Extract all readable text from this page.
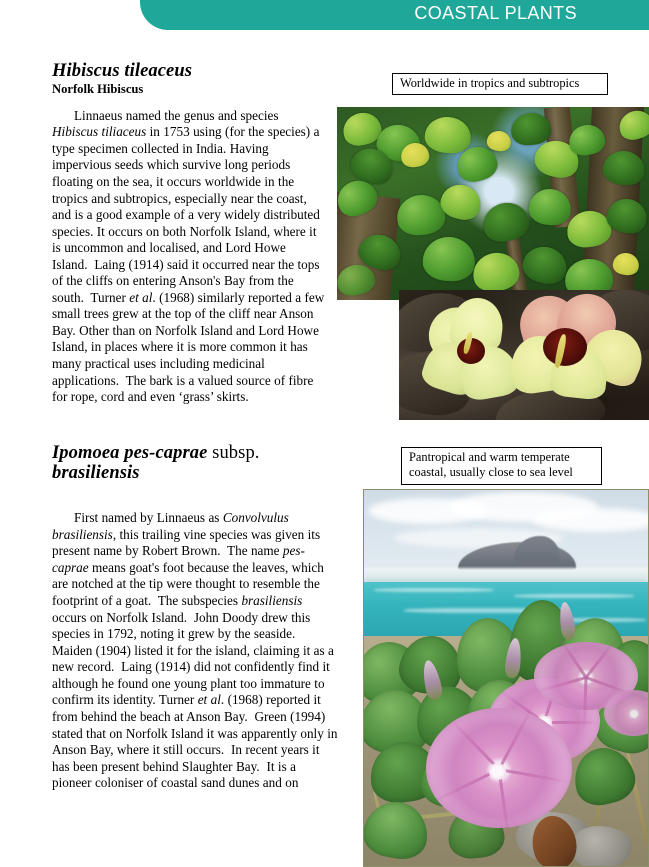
COASTAL PLANTS
Hibiscus tileaceus
Norfolk Hibiscus

Linnaeus named the genus and species Hibiscus tiliaceus in 1753 using (for the species) a type specimen collected in India. Having impervious seeds which survive long periods floating on the sea, it occurs worldwide in the tropics and subtropics, especially near the coast, and is a good example of a very widely distributed species. It occurs on both Norfolk Island, where it is uncommon and localised, and Lord Howe Island.  Laing (1914) said it occurred near the tops of the cliffs on entering Anson's Bay from the south.  Turner et al. (1968) similarly reported a few small trees grew at the top of the cliff near Anson Bay. Other than on Norfolk Island and Lord Howe Island, in places where it is more common it has many practical uses including medicinal applications.  The bark is a valued source of fibre for rope, cord and even ‘grass’ skirts.

Worldwide in tropics and subtropics
Ipomoea pes-caprae subsp. brasiliensis

First named by Linnaeus as Convolvulus brasiliensis, this trailing vine species was given its present name by Robert Brown.  The name pes-caprae means goat's foot because the leaves, which are notched at the tip were thought to resemble the footprint of a goat.  The subspecies brasiliensis occurs on Norfolk Island.  John Doody drew this species in 1792, noting it grew by the seaside.  Maiden (1904) listed it for the island, claiming it as a new record.  Laing (1914) did not confidently find it although he found one young plant too immature to confirm its identity. Turner et al. (1968) reported it from behind the beach at Anson Bay.  Green (1994) stated that on Norfolk Island it was apparently only in Anson Bay, where it still occurs.  In recent years it has been present behind Slaughter Bay.  It is a pioneer coloniser of coastal sand dunes and on

Pantropical and warm temperate coastal, usually close to sea level
